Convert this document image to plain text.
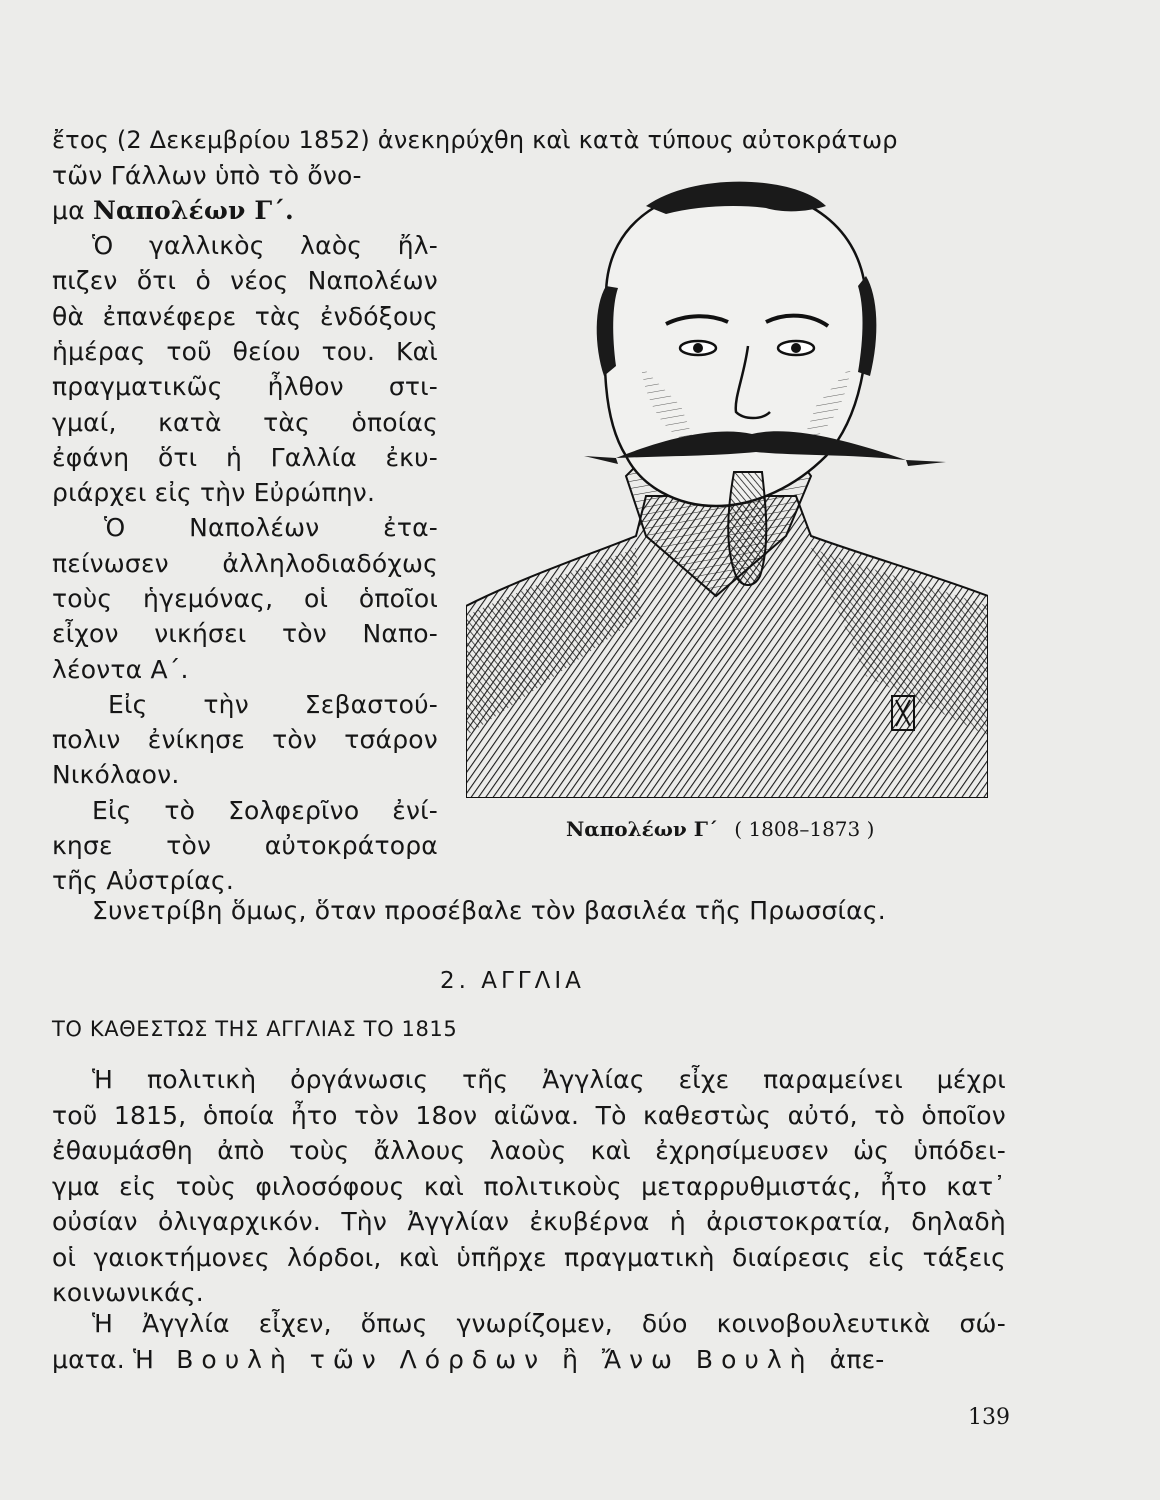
ἔτος (2 Δεκεμβρίου 1852) ἀνεκηρύχθη καὶ κατὰ τύπους αὐτοκράτωρ
τῶν Γάλλων ὑπὸ τὸ ὄνο-
μα Ναπολέων Γ΄.
Ὁ γαλλικὸς λαὸς ἤλ-
πιζεν ὅτι ὁ νέος Ναπολέων
θὰ ἐπανέφερε τὰς ἐνδόξους
ἡμέρας τοῦ θείου του. Καὶ
πραγματικῶς ἦλθον στι-
γμαί, κατὰ τὰς ὁποίας
ἐφάνη ὅτι ἡ Γαλλία ἐκυ-
ριάρχει εἰς τὴν Εὐρώπην.
Ὁ	Ναπολέων	ἐτα-
πείνωσεν ἀλληλοδιαδόχως
τοὺς ἡγεμόνας, οἱ ὁποῖοι
εἶχον νικήσει τὸν Ναπο-
λέοντα Α΄.
Εἰς τὴν Σεβαστού-
πολιν ἐνίκησε τὸν τσάρον
Νικόλαον.
Εἰς τὸ Σολφερῖνο ἐνί-
κησε τὸν αὐτοκράτορα
τῆς Αὐστρίας.
Συνετρίβη ὅμως, ὅταν προσέβαλε τὸν βασιλέα τῆς Πρωσσίας.
Ναπολέων Γ΄ ( 1808–1873 )
2. ΑΓΓΛΙΑ
ΤΟ ΚΑΘΕΣΤΩΣ ΤΗΣ ΑΓΓΛΙΑΣ ΤΟ 1815
Ἡ πολιτικὴ ὀργάνωσις τῆς Ἀγγλίας εἶχε παραμείνει μέχρι
τοῦ 1815, ὁποία ἦτο τὸν 18ον αἰῶνα. Τὸ καθεστὼς αὐτό, τὸ ὁποῖον
ἐθαυμάσθη ἀπὸ τοὺς ἄλλους λαοὺς καὶ ἐχρησίμευσεν ὡς ὑπόδει-
γμα εἰς τοὺς φιλοσόφους καὶ πολιτικοὺς μεταρρυθμιστάς, ἦτο κατ᾽
οὐσίαν ὀλιγαρχικόν. Τὴν Ἀγγλίαν ἐκυβέρνα ἡ ἀριστοκρατία, δηλαδὴ
οἱ γαιοκτήμονες λόρδοι, καὶ ὑπῆρχε πραγματικὴ διαίρεσις εἰς τάξεις
κοινωνικάς.
Ἡ Ἀγγλία εἶχεν, ὅπως γνωρίζομεν, δύο κοινοβουλευτικὰ σώ-
ματα. Ἡ Βουλὴ τῶν Λόρδων ἢ Ἄνω Βουλὴ ἀπε-
139
